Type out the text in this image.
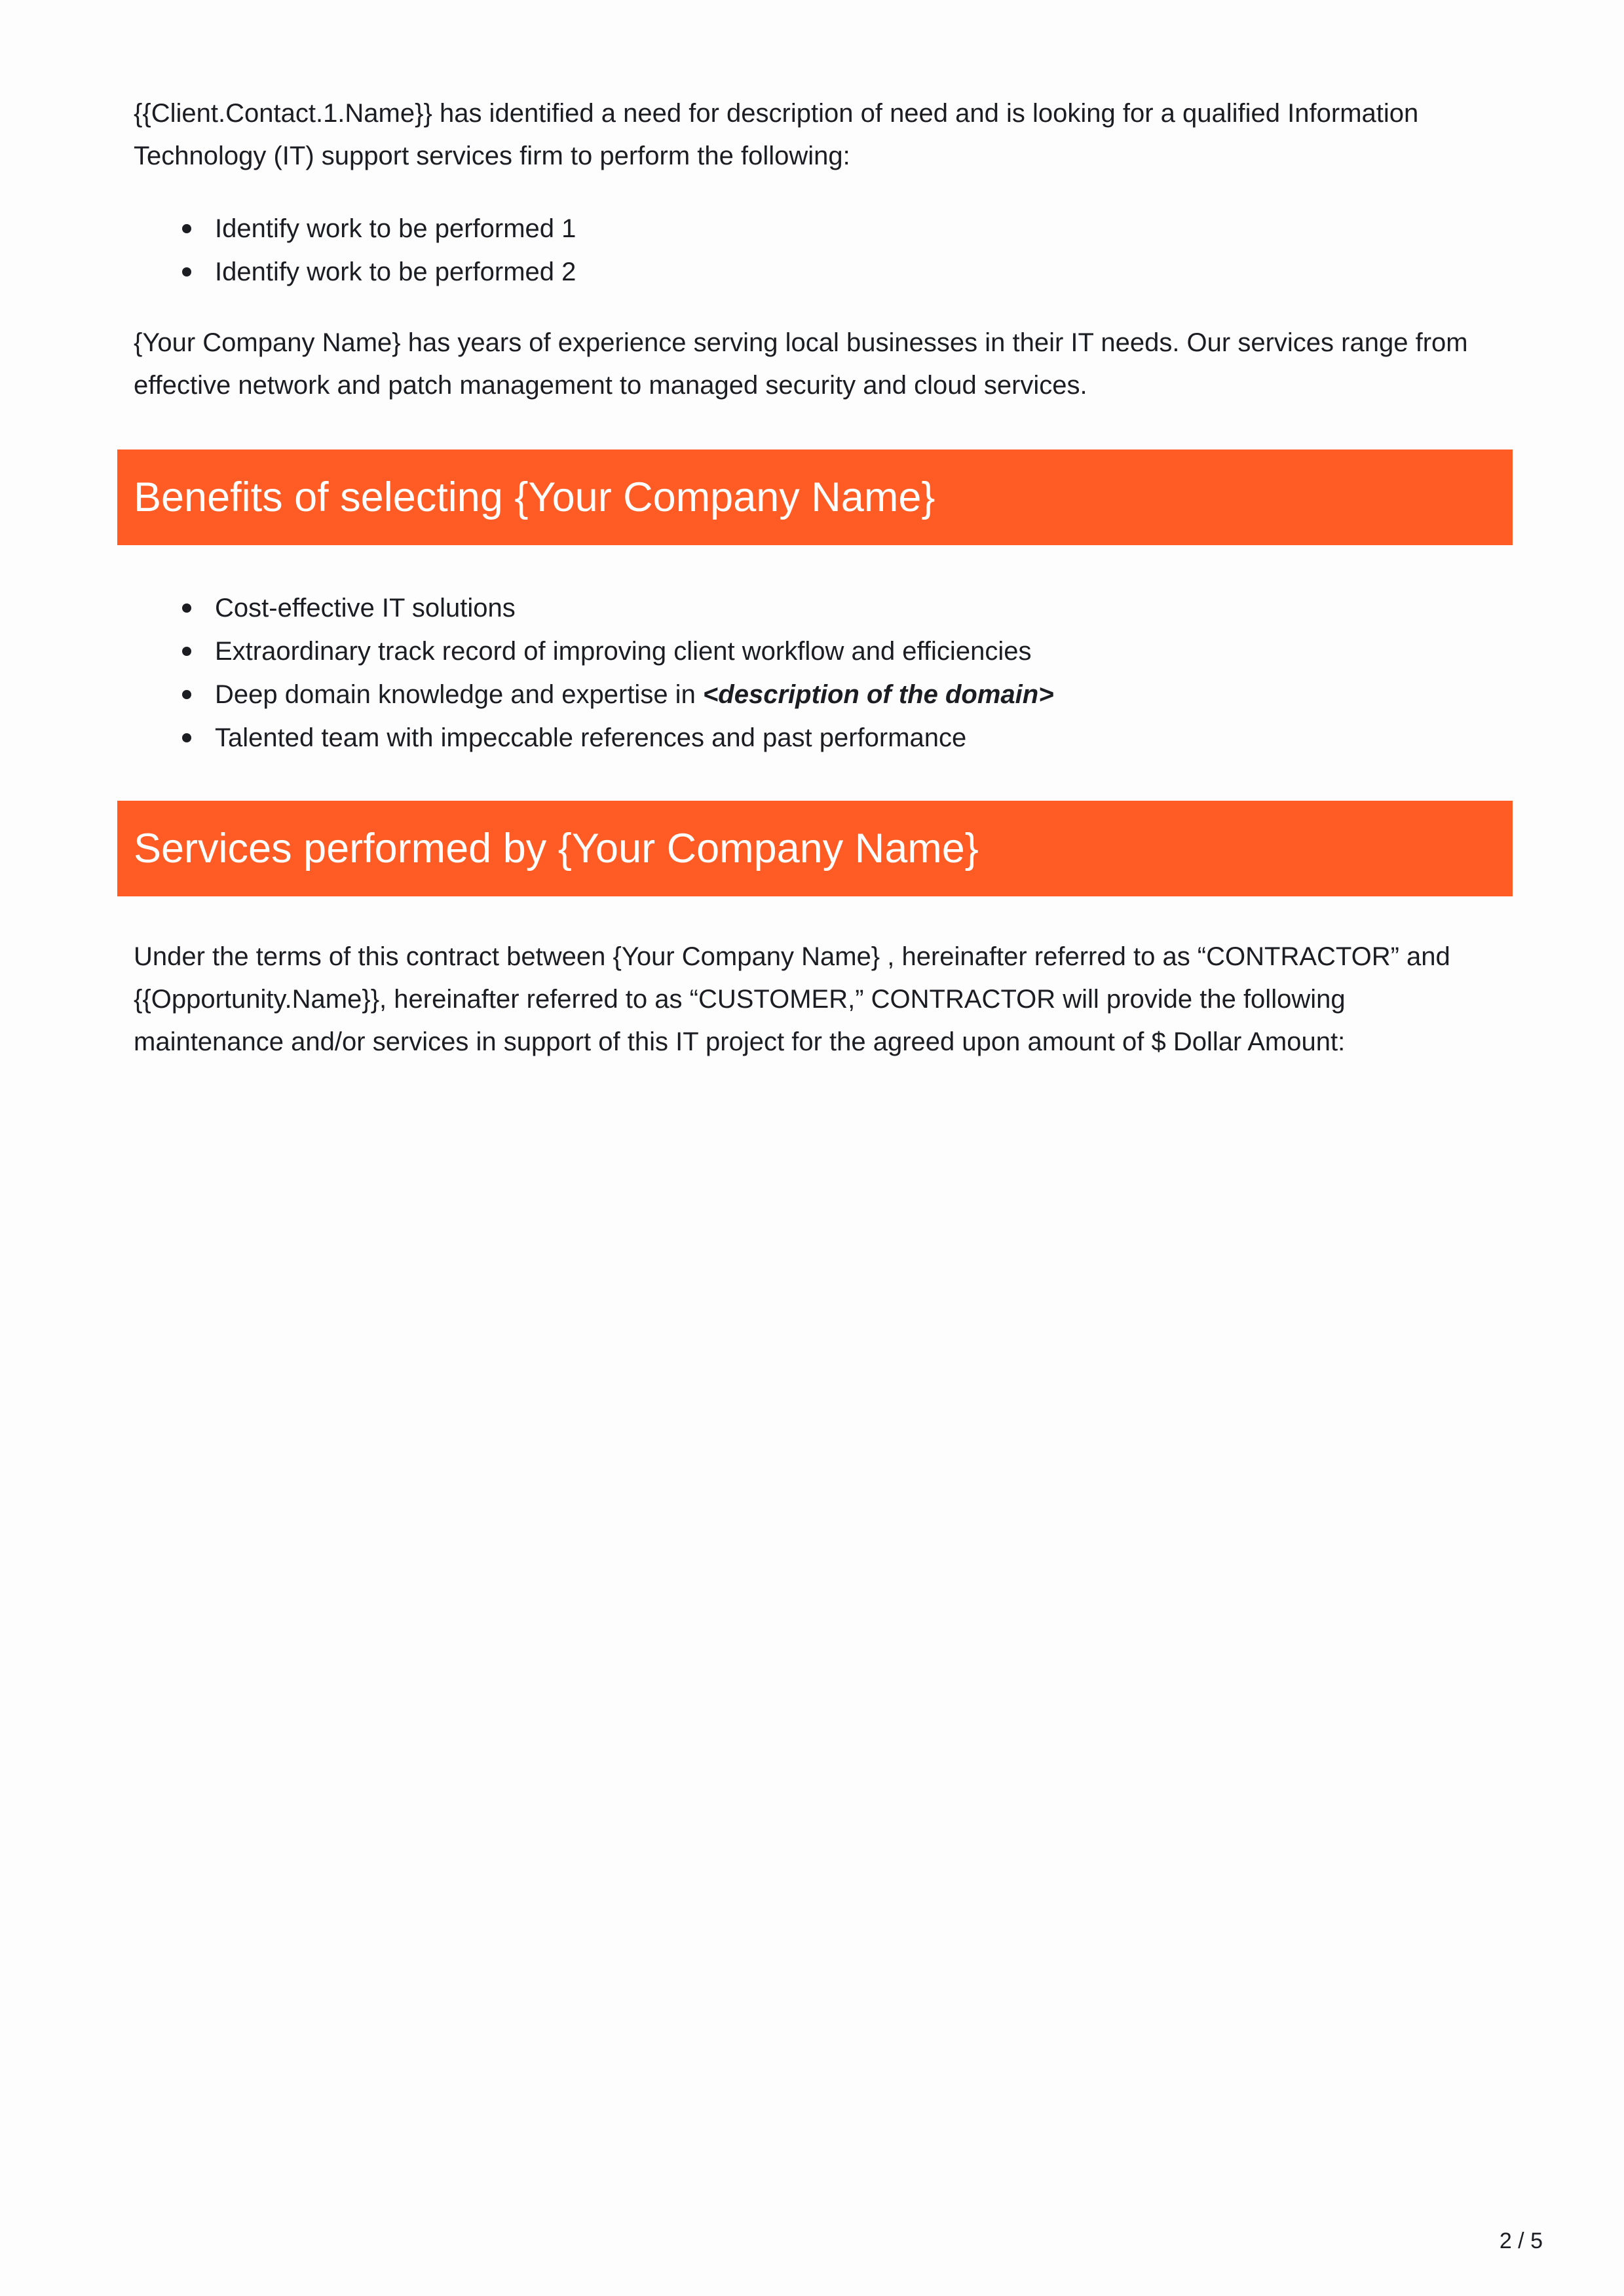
{{Client.Contact.1.Name}} has identified a need for description of need and is looking for a qualified Information Technology (IT) support services firm to perform the following:

Identify work to be performed 1
Identify work to be performed 2

{Your Company Name} has years of experience serving local businesses in their IT needs. Our services range from effective network and patch management to managed security and cloud services.

Benefits of selecting {Your Company Name}
Cost-effective IT solutions
Extraordinary track record of improving client workflow and efficiencies
Deep domain knowledge and expertise in <description of the domain>
Talented team with impeccable references and past performance
Services performed by {Your Company Name}

Under the terms of this contract between {Your Company Name} , hereinafter referred to as “CONTRACTOR” and {{Opportunity.Name}}, hereinafter referred to as “CUSTOMER,” CONTRACTOR will provide the following maintenance and/or services in support of this IT project for the agreed upon amount of $ Dollar Amount:

2 / 5
